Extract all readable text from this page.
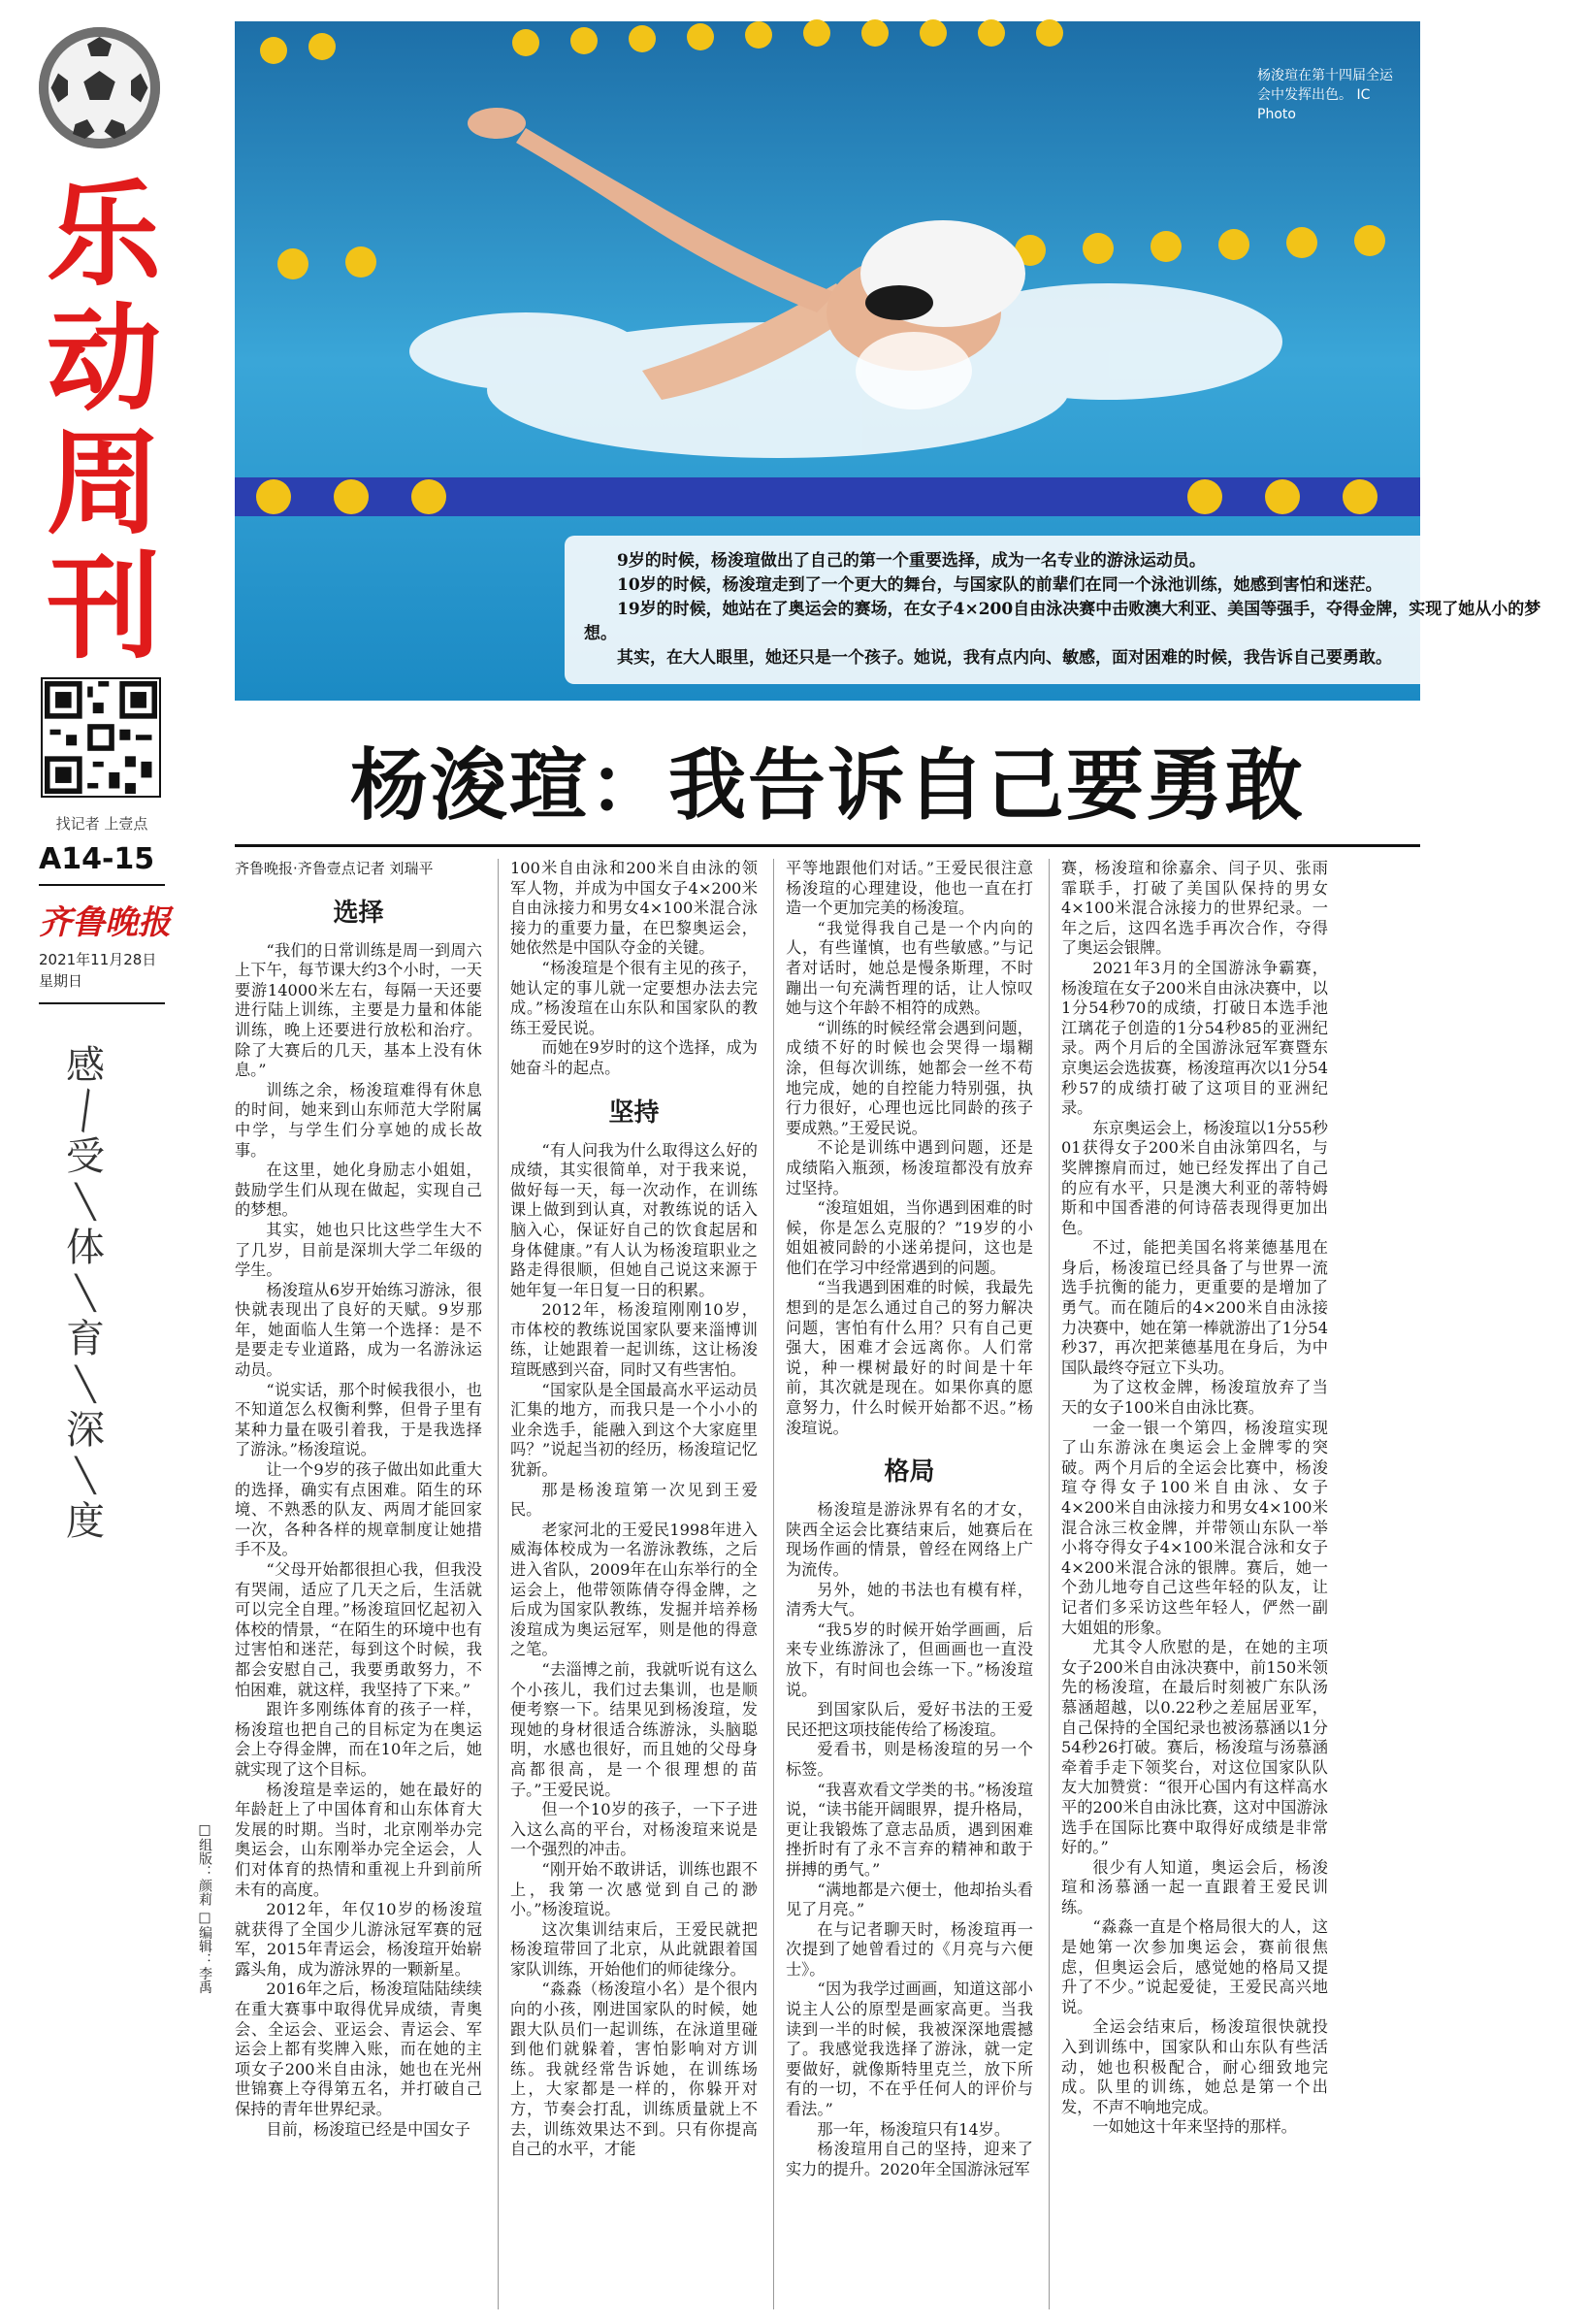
乐
动
周
刊
找记者 上壹点
A14-15
齐鲁晚报
2021年11月28日
星期日
感
╲
受
╲
体
╲
育
╲
深
╲
度
□组版：颜莉 □编辑：李禹
杨浚瑄在第十四届全运会中发挥出色。 IC Photo

9岁的时候，杨浚瑄做出了自己的第一个重要选择，成为一名专业的游泳运动员。

10岁的时候，杨浚瑄走到了一个更大的舞台，与国家队的前辈们在同一个泳池训练，她感到害怕和迷茫。

19岁的时候，她站在了奥运会的赛场，在女子4×200自由泳决赛中击败澳大利亚、美国等强手，夺得金牌，实现了她从小的梦想。

其实，在大人眼里，她还只是一个孩子。她说，我有点内向、敏感，面对困难的时候，我告诉自己要勇敢。

杨浚瑄：我告诉自己要勇敢

齐鲁晚报·齐鲁壹点记者 刘瑞平

选择

“我们的日常训练是周一到周六上下午，每节课大约3个小时，一天要游14000米左右，每隔一天还要进行陆上训练，主要是力量和体能训练，晚上还要进行放松和治疗。除了大赛后的几天，基本上没有休息。”

训练之余，杨浚瑄难得有休息的时间，她来到山东师范大学附属中学，与学生们分享她的成长故事。

在这里，她化身励志小姐姐，鼓励学生们从现在做起，实现自己的梦想。

其实，她也只比这些学生大不了几岁，目前是深圳大学二年级的学生。

杨浚瑄从6岁开始练习游泳，很快就表现出了良好的天赋。9岁那年，她面临人生第一个选择：是不是要走专业道路，成为一名游泳运动员。

“说实话，那个时候我很小，也不知道怎么权衡利弊，但骨子里有某种力量在吸引着我，于是我选择了游泳。”杨浚瑄说。

让一个9岁的孩子做出如此重大的选择，确实有点困难。陌生的环境、不熟悉的队友、两周才能回家一次，各种各样的规章制度让她措手不及。

“父母开始都很担心我，但我没有哭闹，适应了几天之后，生活就可以完全自理。”杨浚瑄回忆起初入体校的情景，“在陌生的环境中也有过害怕和迷茫，每到这个时候，我都会安慰自己，我要勇敢努力，不怕困难，就这样，我坚持了下来。”

跟许多刚练体育的孩子一样，杨浚瑄也把自己的目标定为在奥运会上夺得金牌，而在10年之后，她就实现了这个目标。

杨浚瑄是幸运的，她在最好的年龄赶上了中国体育和山东体育大发展的时期。当时，北京刚举办完奥运会，山东刚举办完全运会，人们对体育的热情和重视上升到前所未有的高度。

2012年，年仅10岁的杨浚瑄就获得了全国少儿游泳冠军赛的冠军，2015年青运会，杨浚瑄开始崭露头角，成为游泳界的一颗新星。

2016年之后，杨浚瑄陆陆续续在重大赛事中取得优异成绩，青奥会、全运会、亚运会、青运会、军运会上都有奖牌入账，而在她的主项女子200米自由泳，她也在光州世锦赛上夺得第五名，并打破自己保持的青年世界纪录。

目前，杨浚瑄已经是中国女子

100米自由泳和200米自由泳的领军人物，并成为中国女子4×200米自由泳接力和男女4×100米混合泳接力的重要力量，在巴黎奥运会，她依然是中国队夺金的关键。

“杨浚瑄是个很有主见的孩子，她认定的事儿就一定要想办法去完成。”杨浚瑄在山东队和国家队的教练王爱民说。

而她在9岁时的这个选择，成为她奋斗的起点。

坚持

“有人问我为什么取得这么好的成绩，其实很简单，对于我来说，做好每一天，每一次动作，在训练课上做到到认真，对教练说的话入脑入心，保证好自己的饮食起居和身体健康。”有人认为杨浚瑄职业之路走得很顺，但她自己说这来源于她年复一年日复一日的积累。

2012年，杨浚瑄刚刚10岁，市体校的教练说国家队要来淄博训练，让她跟着一起训练，这让杨浚瑄既感到兴奋，同时又有些害怕。

“国家队是全国最高水平运动员汇集的地方，而我只是一个小小的业余选手，能融入到这个大家庭里吗？”说起当初的经历，杨浚瑄记忆犹新。

那是杨浚瑄第一次见到王爱民。

老家河北的王爱民1998年进入威海体校成为一名游泳教练，之后进入省队，2009年在山东举行的全运会上，他带领陈倩夺得金牌，之后成为国家队教练，发掘并培养杨浚瑄成为奥运冠军，则是他的得意之笔。

“去淄博之前，我就听说有这么个小孩儿，我们过去集训，也是顺便考察一下。结果见到杨浚瑄，发现她的身材很适合练游泳，头脑聪明，水感也很好，而且她的父母身高都很高，是一个很理想的苗子。”王爱民说。

但一个10岁的孩子，一下子进入这么高的平台，对杨浚瑄来说是一个强烈的冲击。

“刚开始不敢讲话，训练也跟不上，我第一次感觉到自己的渺小。”杨浚瑄说。

这次集训结束后，王爱民就把杨浚瑄带回了北京，从此就跟着国家队训练，开始他们的师徒缘分。

“淼淼（杨浚瑄小名）是个很内向的小孩，刚进国家队的时候，她跟大队员们一起训练，在泳道里碰到他们就躲着，害怕影响对方训练。我就经常告诉她，在训练场上，大家都是一样的，你躲开对方，节奏会打乱，训练质量就上不去，训练效果达不到。只有你提高自己的水平，才能

平等地跟他们对话。”王爱民很注意杨浚瑄的心理建设，他也一直在打造一个更加完美的杨浚瑄。

“我觉得我自己是一个内向的人，有些谨慎，也有些敏感。”与记者对话时，她总是慢条斯理，不时蹦出一句充满哲理的话，让人惊叹她与这个年龄不相符的成熟。

“训练的时候经常会遇到问题，成绩不好的时候也会哭得一塌糊涂，但每次训练，她都会一丝不苟地完成，她的自控能力特别强，执行力很好，心理也远比同龄的孩子要成熟。”王爱民说。

不论是训练中遇到问题，还是成绩陷入瓶颈，杨浚瑄都没有放弃过坚持。

“浚瑄姐姐，当你遇到困难的时候，你是怎么克服的？”19岁的小姐姐被同龄的小迷弟提问，这也是他们在学习中经常遇到的问题。

“当我遇到困难的时候，我最先想到的是怎么通过自己的努力解决问题，害怕有什么用？只有自己更强大，困难才会远离你。人们常说，种一棵树最好的时间是十年前，其次就是现在。如果你真的愿意努力，什么时候开始都不迟。”杨浚瑄说。

格局

杨浚瑄是游泳界有名的才女，陕西全运会比赛结束后，她赛后在现场作画的情景，曾经在网络上广为流传。

另外，她的书法也有模有样，清秀大气。

“我5岁的时候开始学画画，后来专业练游泳了，但画画也一直没放下，有时间也会练一下。”杨浚瑄说。

到国家队后，爱好书法的王爱民还把这项技能传给了杨浚瑄。

爱看书，则是杨浚瑄的另一个标签。

“我喜欢看文学类的书。”杨浚瑄说，“读书能开阔眼界，提升格局，更让我锻炼了意志品质，遇到困难挫折时有了永不言弃的精神和敢于拼搏的勇气。”

“满地都是六便士，他却抬头看见了月亮。”

在与记者聊天时，杨浚瑄再一次提到了她曾看过的《月亮与六便士》。

“因为我学过画画，知道这部小说主人公的原型是画家高更。当我读到一半的时候，我被深深地震撼了。我感觉我选择了游泳，就一定要做好，就像斯特里克兰，放下所有的一切，不在乎任何人的评价与看法。”

那一年，杨浚瑄只有14岁。

杨浚瑄用自己的坚持，迎来了实力的提升。2020年全国游泳冠军

赛，杨浚瑄和徐嘉余、闫子贝、张雨霏联手，打破了美国队保持的男女4×100米混合泳接力的世界纪录。一年之后，这四名选手再次合作，夺得了奥运会银牌。

2021年3月的全国游泳争霸赛，杨浚瑄在女子200米自由泳决赛中，以1分54秒70的成绩，打破日本选手池江璃花子创造的1分54秒85的亚洲纪录。两个月后的全国游泳冠军赛暨东京奥运会选拔赛，杨浚瑄再次以1分54秒57的成绩打破了这项目的亚洲纪录。

东京奥运会上，杨浚瑄以1分55秒01获得女子200米自由泳第四名，与奖牌擦肩而过，她已经发挥出了自己的应有水平，只是澳大利亚的蒂特姆斯和中国香港的何诗蓓表现得更加出色。

不过，能把美国名将莱德基甩在身后，杨浚瑄已经具备了与世界一流选手抗衡的能力，更重要的是增加了勇气。而在随后的4×200米自由泳接力决赛中，她在第一棒就游出了1分54秒37，再次把莱德基甩在身后，为中国队最终夺冠立下头功。

为了这枚金牌，杨浚瑄放弃了当天的女子100米自由泳比赛。

一金一银一个第四，杨浚瑄实现了山东游泳在奥运会上金牌零的突破。两个月后的全运会比赛中，杨浚瑄夺得女子100米自由泳、女子4×200米自由泳接力和男女4×100米混合泳三枚金牌，并带领山东队一举小将夺得女子4×100米混合泳和女子4×200米混合泳的银牌。赛后，她一个劲儿地夸自己这些年轻的队友，让记者们多采访这些年轻人，俨然一副大姐姐的形象。

尤其令人欣慰的是，在她的主项女子200米自由泳决赛中，前150米领先的杨浚瑄，在最后时刻被广东队汤慕涵超越，以0.22秒之差屈居亚军，自己保持的全国纪录也被汤慕涵以1分54秒26打破。赛后，杨浚瑄与汤慕涵牵着手走下领奖台，对这位国家队队友大加赞赏：“很开心国内有这样高水平的200米自由泳比赛，这对中国游泳选手在国际比赛中取得好成绩是非常好的。”

很少有人知道，奥运会后，杨浚瑄和汤慕涵一起一直跟着王爱民训练。

“淼淼一直是个格局很大的人，这是她第一次参加奥运会，赛前很焦虑，但奥运会后，感觉她的格局又提升了不少。”说起爱徒，王爱民高兴地说。

全运会结束后，杨浚瑄很快就投入到训练中，国家队和山东队有些活动，她也积极配合，耐心细致地完成。队里的训练，她总是第一个出发，不声不响地完成。

一如她这十年来坚持的那样。
